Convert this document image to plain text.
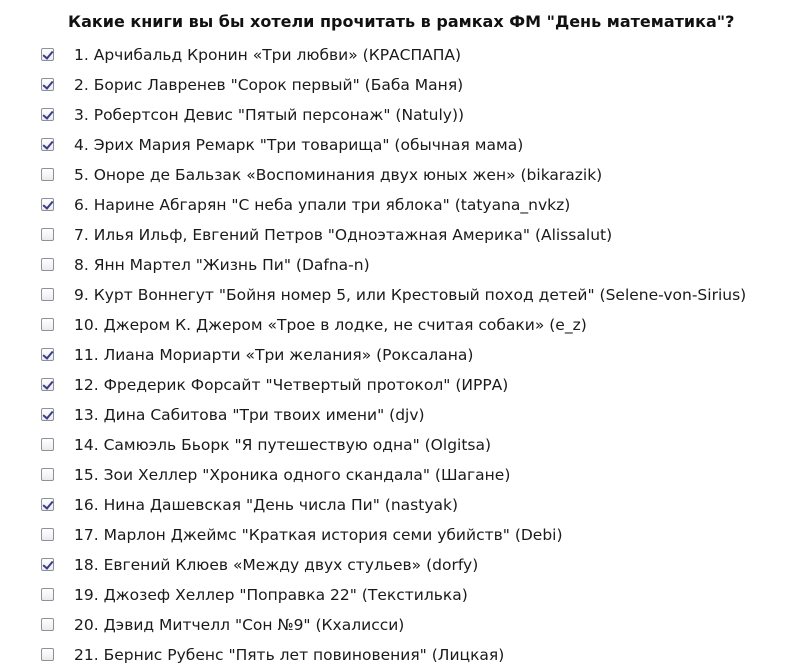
Какие книги вы бы хотели прочитать в рамках ФМ "День математика"?
1. Арчибальд Кронин «Три любви» (КРАСПАПА)
2. Борис Лавренев "Сорок первый" (Баба Маня)
3. Робертсон Девис "Пятый персонаж" (Natuly))
4. Эрих Мария Ремарк "Три товарища" (обычная мама)
5. Оноре де Бальзак «Воспоминания двух юных жен» (bikarazik)
6. Нарине Абгарян "С неба упали три яблока" (tatyana_nvkz)
7. Илья Ильф, Евгений Петров "Одноэтажная Америка" (Alissalut)
8. Янн Мартел "Жизнь Пи" (Dafna-n)
9. Курт Воннегут "Бойня номер 5, или Крестовый поход детей" (Selene-von-Sirius)
10. Джером К. Джером «Трое в лодке, не считая собаки» (e_z)
11. Лиана Мориарти «Три желания» (Роксалана)
12. Фредерик Форсайт "Четвертый протокол" (ИРРА)
13. Дина Сабитова "Три твоих имени" (djv)
14. Самюэль Бьорк "Я путешествую одна" (Olgitsa)
15. Зои Хеллер "Хроника одного скандала" (Шагане)
16. Нина Дашевская "День числа Пи" (nastyak)
17. Марлон Джеймс "Краткая история семи убийств" (Debi)
18. Евгений Клюев «Между двух стульев» (dorfy)
19. Джозеф Хеллер "Поправка 22" (Текстилька)
20. Дэвид Митчелл "Сон №9" (Кхалисси)
21. Бернис Рубенс "Пять лет повиновения" (Лицкая)
